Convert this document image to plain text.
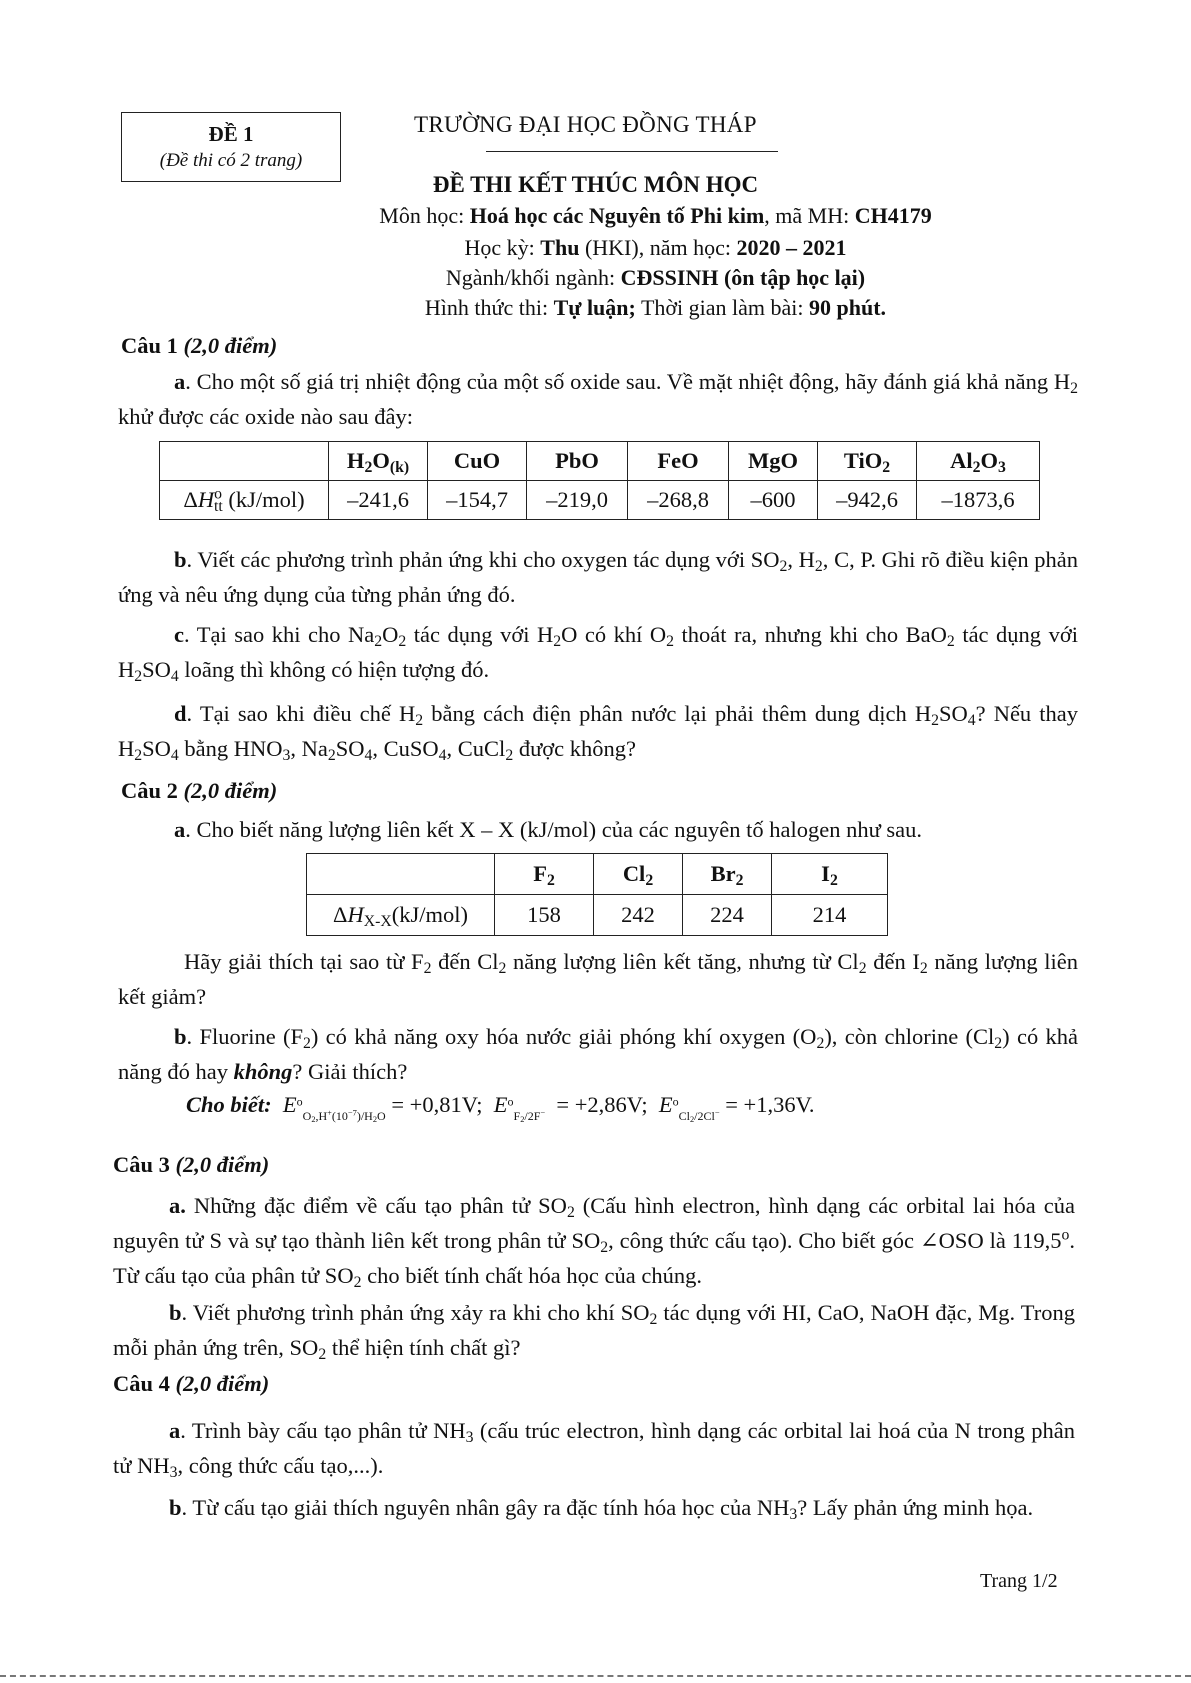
ĐỀ 1
(Đề thi có 2 trang)
TRƯỜNG ĐẠI HỌC ĐỒNG THÁP
ĐỀ THI KẾT THÚC MÔN HỌC
Môn học: Hoá học các Nguyên tố Phi kim, mã MH: CH4179
Học kỳ: Thu (HKI), năm học: 2020 – 2021
Ngành/khối ngành: CĐSSINH (ôn tập học lại)
Hình thức thi: Tự luận; Thời gian làm bài: 90 phút.
Câu 1 (2,0 điểm)
a. Cho một số giá trị nhiệt động của một số oxide sau. Về mặt nhiệt động, hãy đánh giá khả năng $H_2$ khử được các oxide nào sau đây:
	$H_2O_{(k)}$	CuO	PbO	FeO	MgO	TiO$_2$	$Al_2O_3$
$\Delta H^o_{tt}$ (kJ/mol)	–241,6	–154,7	–219,0	–268,8	–600	–942,6	–1873,6
b. Viết các phương trình phản ứng khi cho oxygen tác dụng với $SO_2$, $H_2$, C, P. Ghi rõ điều kiện phản ứng và nêu ứng dụng của từng phản ứng đó.
c. Tại sao khi cho $Na_2O_2$ tác dụng với $H_2O$ có khí $O_2$ thoát ra, nhưng khi cho BaO$_2$ tác dụng với $H_2SO_4$ loãng thì không có hiện tượng đó.
d. Tại sao khi điều chế $H_2$ bằng cách điện phân nước lại phải thêm dung dịch $H_2SO_4$? Nếu thay $H_2SO_4$ bằng $HNO_3$, $Na_2SO_4$, CuSO$_4$, CuCl$_2$ được không?
Câu 2 (2,0 điểm)
a. Cho biết năng lượng liên kết X – X (kJ/mol) của các nguyên tố halogen như sau.
	$F_2$	$Cl_2$	$Br_2$	$I_2$
$\Delta H_{X-X}(kJ/mol)$	158	242	224	214
Hãy giải thích tại sao từ $F_2$ đến $Cl_2$ năng lượng liên kết tăng, nhưng từ $Cl_2$ đến $I_2$ năng lượng liên kết giảm?
b. Fluorine $(F_2)$ có khả năng oxy hóa nước giải phóng khí oxygen $(O_2)$, còn chlorine $(Cl_2)$ có khả năng đó hay không? Giải thích?
Cho biết: $E^o_{O_2,H^+(10^{-7})/H_2O} = +0,81V$; $E^o_{F_2/2F^-} = +2,86V$; $E^o_{Cl_2/2Cl^-} = +1,36V$.
Câu 3 (2,0 điểm)
a. Những đặc điểm về cấu tạo phân tử $SO_2$ (Cấu hình electron, hình dạng các orbital lai hóa của nguyên tử S và sự tạo thành liên kết trong phân tử $SO_2$, công thức cấu tạo). Cho biết góc ∠OSO là 119,5$^o$. Từ cấu tạo của phân tử $SO_2$ cho biết tính chất hóa học của chúng.
b. Viết phương trình phản ứng xảy ra khi cho khí $SO_2$ tác dụng với HI, CaO, NaOH đặc, Mg. Trong mỗi phản ứng trên, $SO_2$ thể hiện tính chất gì?
Câu 4 (2,0 điểm)
a. Trình bày cấu tạo phân tử $NH_3$ (cấu trúc electron, hình dạng các orbital lai hoá của N trong phân tử $NH_3$, công thức cấu tạo,...).
b. Từ cấu tạo giải thích nguyên nhân gây ra đặc tính hóa học của $NH_3$? Lấy phản ứng minh họa.
Trang 1/2
